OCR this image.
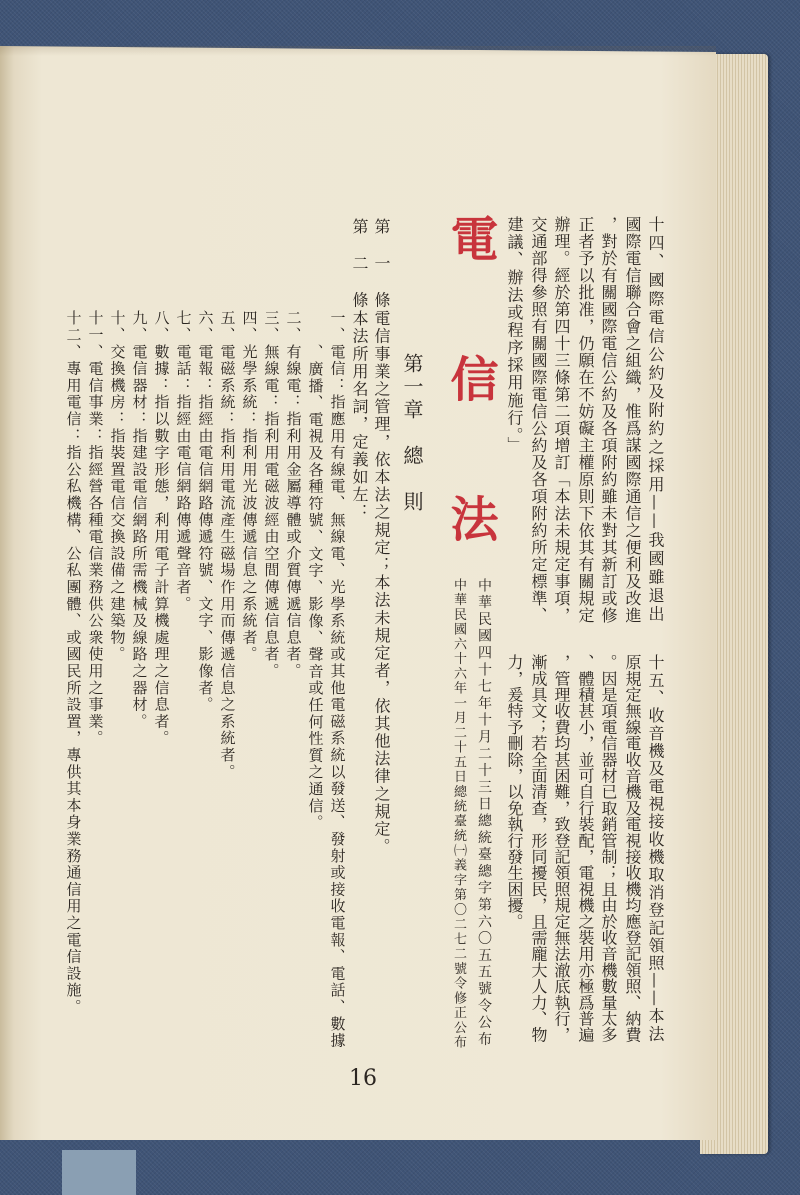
十四、國際電信公約及附約之採用——我國雖退出
國際電信聯合會之組織，惟爲謀國際通信之便利及改進
，對於有關國際電信公約及各項附約雖未對其新訂或修
正者予以批准，仍願在不妨礙主權原則下依其有關規定
辦理。經於第四十三條第二項增訂「本法未規定事項，
交通部得參照有關國際電信公約及各項附約所定標準、
建議、辦法或程序採用施行。」
十五、收音機及電視接收機取消登記領照——本法
原規定無線電收音機及電視接收機均應登記領照、納費
。因是項電信器材已取銷管制；且由於收音機數量太多
、體積甚小，並可自行裝配，電視機之裝用亦極爲普遍
，管理收費均甚困難，致登記領照規定無法澈底執行，
漸成具文；若全面清查，形同擾民，且需龐大人力、物
力，爰特予刪除，以免執行發生困擾。
電信法
中華民國四十七年十月二十三日總統臺總字第六〇五五號令公布
中華民國六十六年一月二十五日總統臺統㈠義字第〇二七二號令修正公布
第一章　總　則
第　一　條
電信事業之管理，依本法之規定；本法未規定者，依其他法律之規定。
第　二　條
本法所用名詞，定義如左：
一、電信：指應用有線電、無線電、光學系統或其他電磁系統以發送、發射或接收電報、電話、數據
、廣播、電視及各種符號、文字、影像、聲音或任何性質之通信。
二、有線電：指利用金屬導體或介質傳遞信息者。
三、無線電：指利用電磁波經由空間傳遞信息者。
四、光學系統：指利用光波傳遞信息之系統者。
五、電磁系統：指利用電流產生磁場作用而傳遞信息之系統者。
六、電報：指經由電信網路傳遞符號、文字、影像者。
七、電話：指經由電信網路傳遞聲音者。
八、數據：指以數字形態，利用電子計算機處理之信息者。
九、電信器材：指建設電信網路所需機械及線路之器材。
十、交換機房：指裝置電信交換設備之建築物。
十一、電信事業：指經營各種電信業務供公衆使用之事業。
十二、專用電信：指公私機構、公私團體、或國民所設置，專供其本身業務通信用之電信設施。
16
